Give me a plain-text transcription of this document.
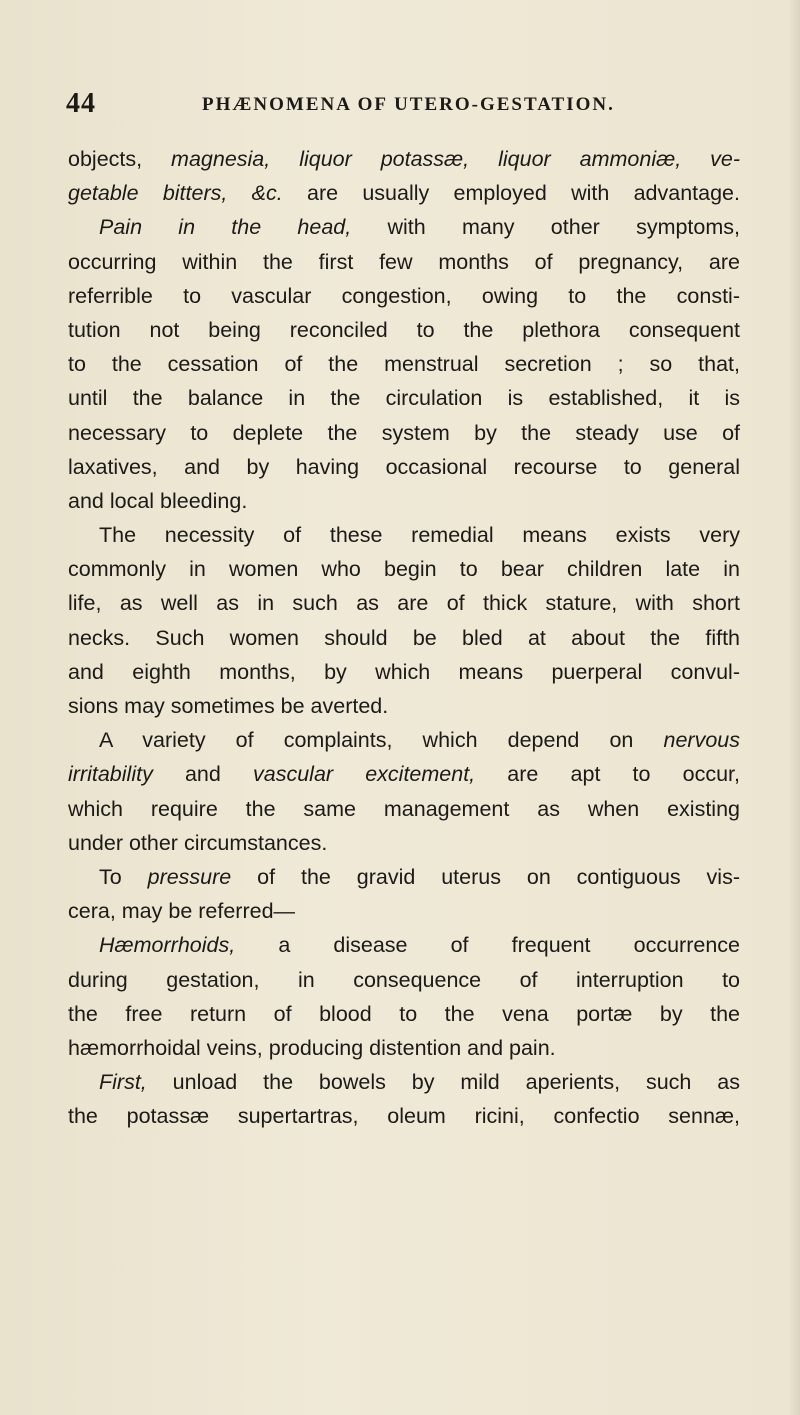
44	PHÆNOMENA OF UTERO-GESTATION.
objects, magnesia, liquor potassæ, liquor ammoniæ, ve-
getable bitters, &c. are usually employed with advantage.
Pain in the head, with many other symptoms,
occurring within the first few months of pregnancy, are
referrible to vascular congestion, owing to the consti-
tution not being reconciled to the plethora consequent
to the cessation of the menstrual secretion ; so that,
until the balance in the circulation is established, it is
necessary to deplete the system by the steady use of
laxatives, and by having occasional recourse to general
and local bleeding.
The necessity of these remedial means exists very
commonly in women who begin to bear children late in
life, as well as in such as are of thick stature, with short
necks. Such women should be bled at about the fifth
and eighth months, by which means puerperal convul-
sions may sometimes be averted.
A variety of complaints, which depend on nervous
irritability and vascular excitement, are apt to occur,
which require the same management as when existing
under other circumstances.
To pressure of the gravid uterus on contiguous vis-
cera, may be referred—
Hæmorrhoids, a disease of frequent occurrence
during gestation, in consequence of interruption to
the free return of blood to the vena portæ by the
hæmorrhoidal veins, producing distention and pain.
First, unload the bowels by mild aperients, such as
the potassæ supertartras, oleum ricini, confectio sennæ,
